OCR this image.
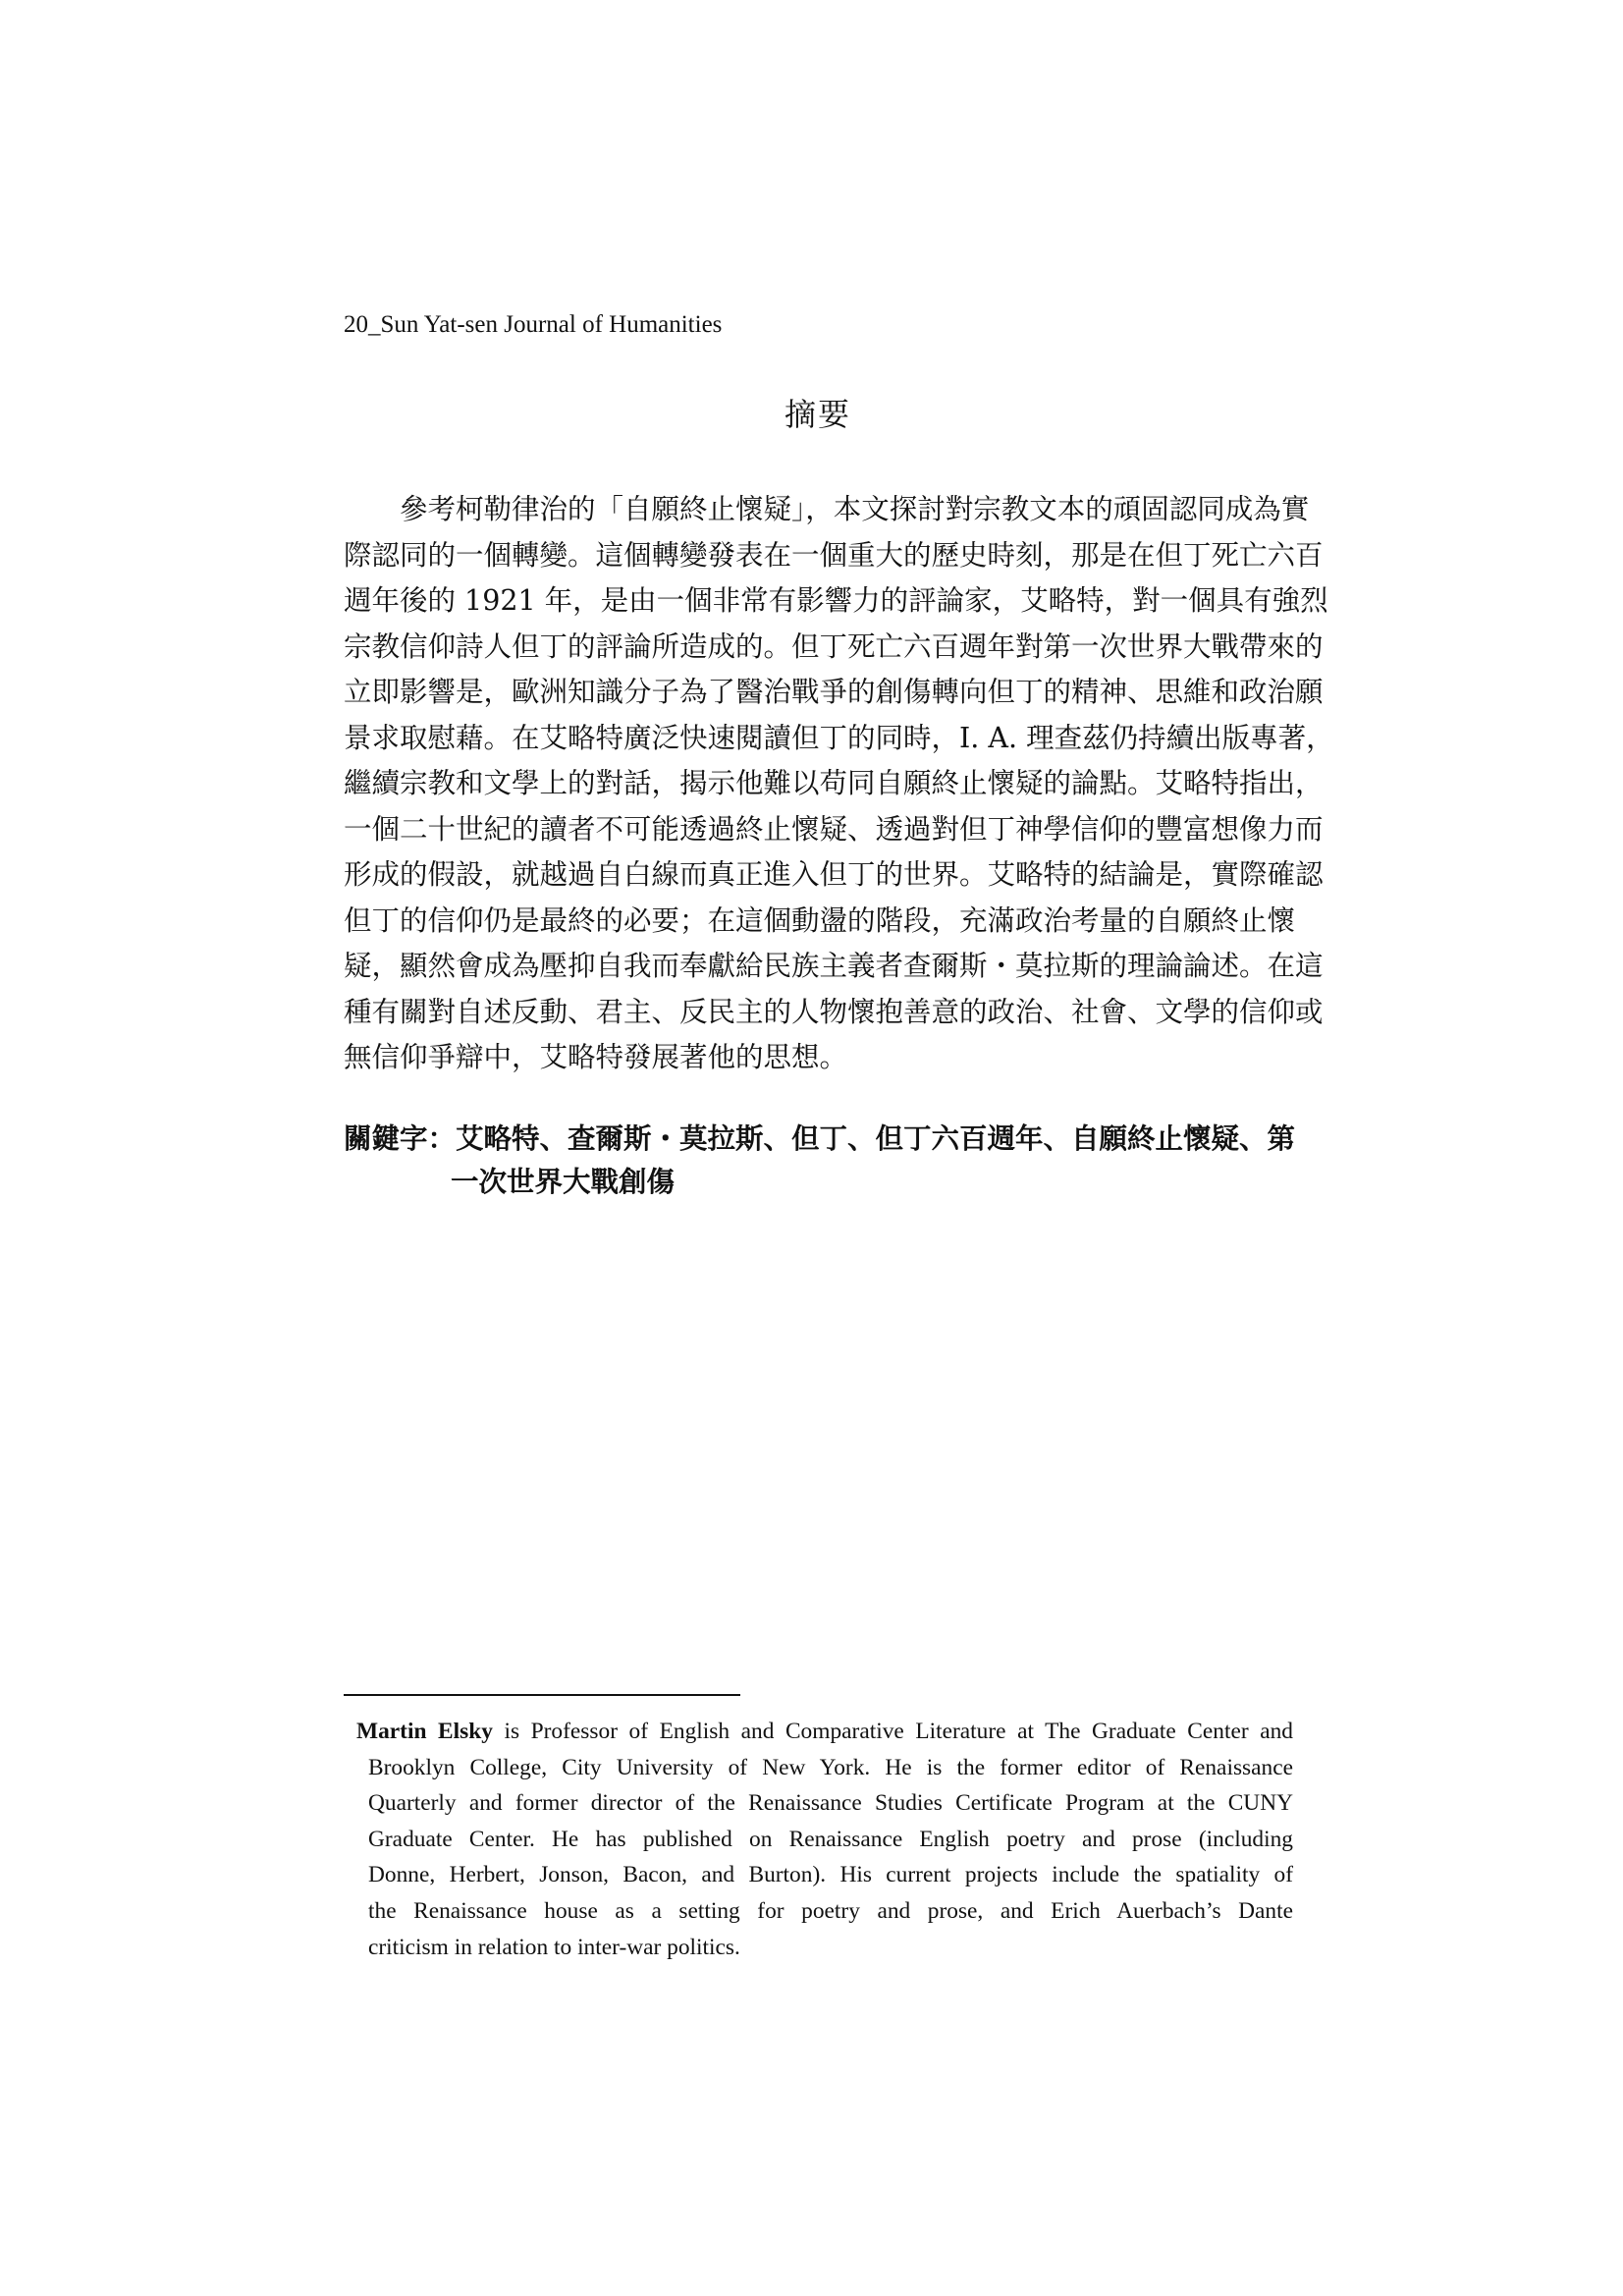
20_Sun Yat-sen Journal of Humanities
摘要
參考柯勒律治的「自願終止懷疑」，本文探討對宗教文本的頑固認同成為實
際認同的一個轉變。這個轉變發表在一個重大的歷史時刻，那是在但丁死亡六百
週年後的 1921 年，是由一個非常有影響力的評論家，艾略特，對一個具有強烈
宗教信仰詩人但丁的評論所造成的。但丁死亡六百週年對第一次世界大戰帶來的
立即影響是，歐洲知識分子為了醫治戰爭的創傷轉向但丁的精神、思維和政治願
景求取慰藉。在艾略特廣泛快速閱讀但丁的同時，I. A. 理查茲仍持續出版專著，
繼續宗教和文學上的對話，揭示他難以苟同自願終止懷疑的論點。艾略特指出，
一個二十世紀的讀者不可能透過終止懷疑、透過對但丁神學信仰的豐富想像力而
形成的假設，就越過自白線而真正進入但丁的世界。艾略特的結論是，實際確認
但丁的信仰仍是最終的必要；在這個動盪的階段，充滿政治考量的自願終止懷
疑，顯然會成為壓抑自我而奉獻給民族主義者查爾斯・莫拉斯的理論論述。在這
種有關對自述反動、君主、反民主的人物懷抱善意的政治、社會、文學的信仰或
無信仰爭辯中，艾略特發展著他的思想。
關鍵字：艾略特、查爾斯・莫拉斯、但丁、但丁六百週年、自願終止懷疑、第
一次世界大戰創傷
Martin Elsky is Professor of English and Comparative Literature at The Graduate Center and
Brooklyn College, City University of New York. He is the former editor of Renaissance
Quarterly and former director of the Renaissance Studies Certificate Program at the CUNY
Graduate Center. He has published on Renaissance English poetry and prose (including
Donne, Herbert, Jonson, Bacon, and Burton). His current projects include the spatiality of
the Renaissance house as a setting for poetry and prose, and Erich Auerbach’s Dante
criticism in relation to inter-war politics.
